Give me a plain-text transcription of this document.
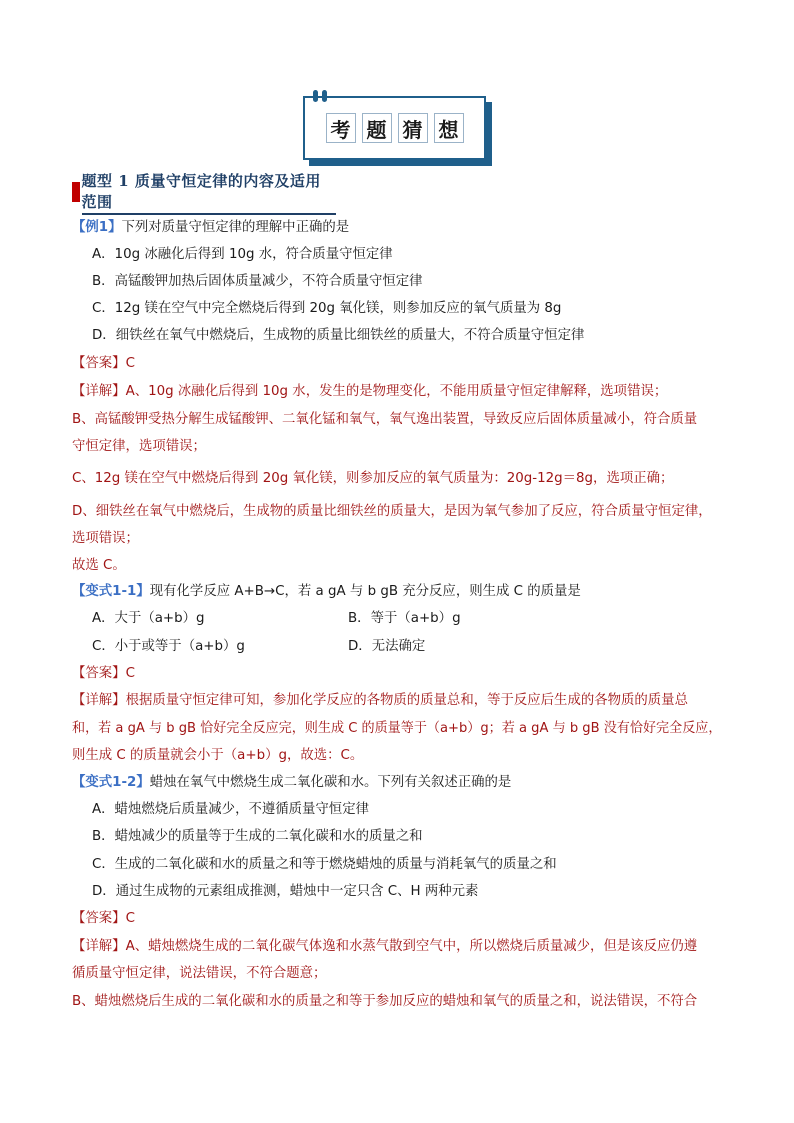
考 题 猜 想
题型 1 质量守恒定律的内容及适用范围
【例1】下列对质量守恒定律的理解中正确的是
A．10g 冰融化后得到 10g 水，符合质量守恒定律
B．高锰酸钾加热后固体质量减少，不符合质量守恒定律
C．12g 镁在空气中完全燃烧后得到 20g 氧化镁，则参加反应的氧气质量为 8g
D．细铁丝在氧气中燃烧后，生成物的质量比细铁丝的质量大，不符合质量守恒定律
【答案】C
【详解】A、10g 冰融化后得到 10g 水，发生的是物理变化，不能用质量守恒定律解释，选项错误；
B、高锰酸钾受热分解生成锰酸钾、二氧化锰和氧气，氧气逸出装置，导致反应后固体质量减小，符合质量
守恒定律，选项错误；
C、12g 镁在空气中燃烧后得到 20g 氧化镁，则参加反应的氧气质量为：20g-12g＝8g，选项正确；
D、细铁丝在氧气中燃烧后，生成物的质量比细铁丝的质量大，是因为氧气参加了反应，符合质量守恒定律，
选项错误；
故选 C。
【变式1-1】现有化学反应 A+B→C，若 a gA 与 b gB 充分反应，则生成 C 的质量是
A．大于（a+b）g	B．等于（a+b）g
C．小于或等于（a+b）g	D．无法确定
【答案】C
【详解】根据质量守恒定律可知，参加化学反应的各物质的质量总和，等于反应后生成的各物质的质量总
和，若 a gA 与 b gB 恰好完全反应完，则生成 C 的质量等于（a+b）g；若 a gA 与 b gB 没有恰好完全反应，
则生成 C 的质量就会小于（a+b）g，故选：C。
【变式1-2】蜡烛在氧气中燃烧生成二氧化碳和水。下列有关叙述正确的是
A．蜡烛燃烧后质量减少，不遵循质量守恒定律
B．蜡烛减少的质量等于生成的二氧化碳和水的质量之和
C．生成的二氧化碳和水的质量之和等于燃烧蜡烛的质量与消耗氧气的质量之和
D．通过生成物的元素组成推测，蜡烛中一定只含 C、H 两种元素
【答案】C
【详解】A、蜡烛燃烧生成的二氧化碳气体逸和水蒸气散到空气中，所以燃烧后质量减少，但是该反应仍遵
循质量守恒定律，说法错误，不符合题意；
B、蜡烛燃烧后生成的二氧化碳和水的质量之和等于参加反应的蜡烛和氧气的质量之和，说法错误，不符合
